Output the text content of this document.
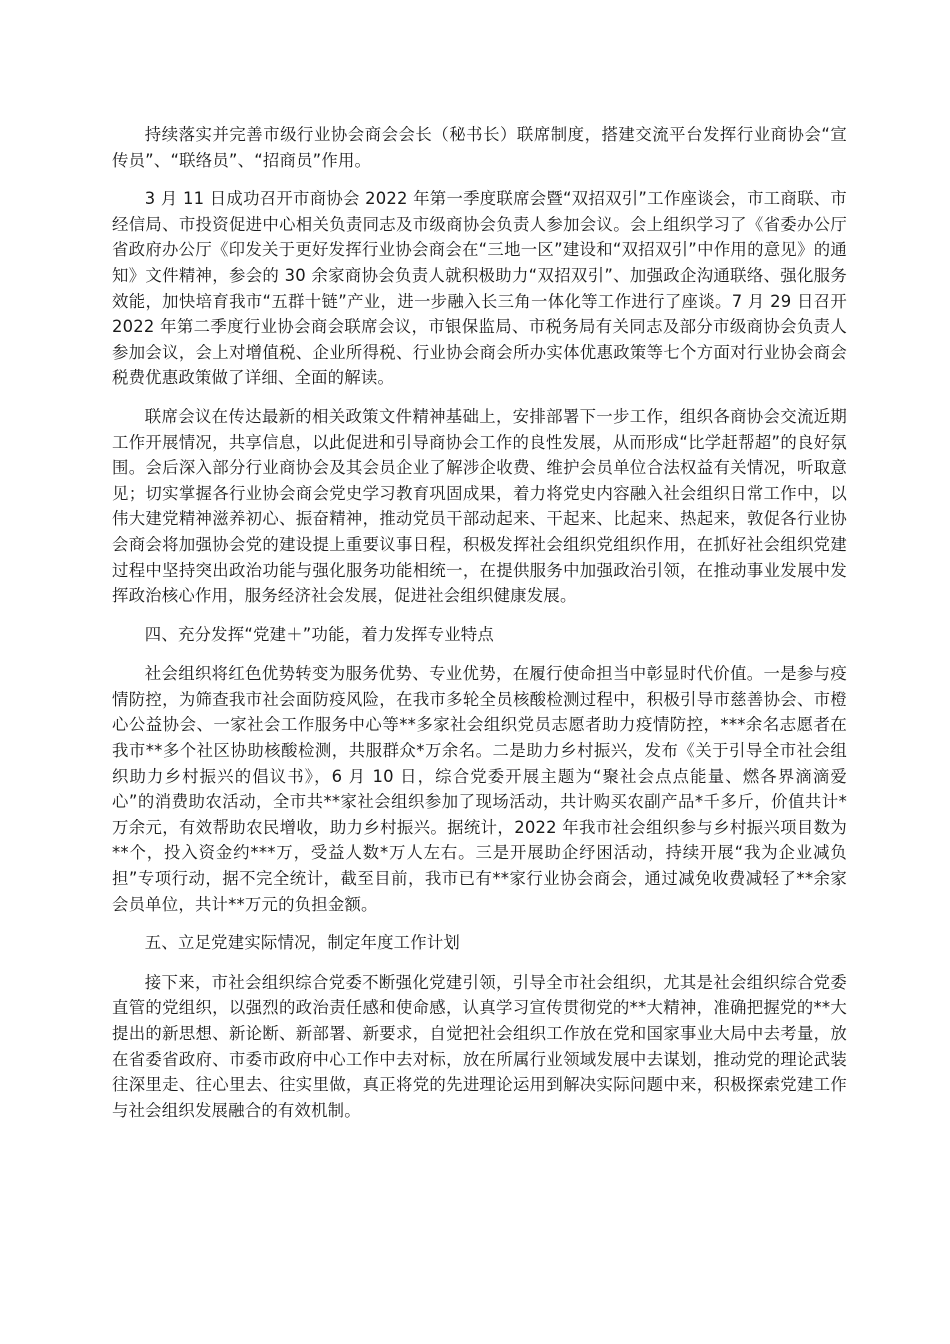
持续落实并完善市级行业协会商会会长（秘书长）联席制度，搭建交流平台发挥行业商协会“宣传员”、“联络员”、“招商员”作用。

3 月 11 日成功召开市商协会 2022 年第一季度联席会暨“双招双引”工作座谈会，市工商联、市经信局、市投资促进中心相关负责同志及市级商协会负责人参加会议。会上组织学习了《省委办公厅省政府办公厅《印发关于更好发挥行业协会商会在“三地一区”建设和“双招双引”中作用的意见》的通知》文件精神，参会的 30 余家商协会负责人就积极助力“双招双引”、加强政企沟通联络、强化服务效能，加快培育我市“五群十链”产业，进一步融入长三角一体化等工作进行了座谈。7 月 29 日召开 2022 年第二季度行业协会商会联席会议，市银保监局、市税务局有关同志及部分市级商协会负责人参加会议，会上对增值税、企业所得税、行业协会商会所办实体优惠政策等七个方面对行业协会商会税费优惠政策做了详细、全面的解读。

联席会议在传达最新的相关政策文件精神基础上，安排部署下一步工作，组织各商协会交流近期工作开展情况，共享信息，以此促进和引导商协会工作的良性发展，从而形成“比学赶帮超”的良好氛围。会后深入部分行业商协会及其会员企业了解涉企收费、维护会员单位合法权益有关情况，听取意见；切实掌握各行业协会商会党史学习教育巩固成果，着力将党史内容融入社会组织日常工作中，以伟大建党精神滋养初心、振奋精神，推动党员干部动起来、干起来、比起来、热起来，敦促各行业协会商会将加强协会党的建设提上重要议事日程，积极发挥社会组织党组织作用，在抓好社会组织党建过程中坚持突出政治功能与强化服务功能相统一，在提供服务中加强政治引领，在推动事业发展中发挥政治核心作用，服务经济社会发展，促进社会组织健康发展。

四、充分发挥“党建＋”功能，着力发挥专业特点

社会组织将红色优势转变为服务优势、专业优势，在履行使命担当中彰显时代价值。一是参与疫情防控，为筛查我市社会面防疫风险，在我市多轮全员核酸检测过程中，积极引导市慈善协会、市橙心公益协会、一家社会工作服务中心等**多家社会组织党员志愿者助力疫情防控，***余名志愿者在我市**多个社区协助核酸检测，共服群众*万余名。二是助力乡村振兴，发布《关于引导全市社会组织助力乡村振兴的倡议书》，6 月 10 日，综合党委开展主题为“聚社会点点能量、燃各界滴滴爱心”的消费助农活动，全市共**家社会组织参加了现场活动，共计购买农副产品*千多斤，价值共计*万余元，有效帮助农民增收，助力乡村振兴。据统计，2022 年我市社会组织参与乡村振兴项目数为**个，投入资金约***万，受益人数*万人左右。三是开展助企纾困活动，持续开展“我为企业减负担”专项行动，据不完全统计，截至目前，我市已有**家行业协会商会，通过减免收费减轻了**余家会员单位，共计**万元的负担金额。

五、立足党建实际情况，制定年度工作计划

接下来，市社会组织综合党委不断强化党建引领，引导全市社会组织，尤其是社会组织综合党委直管的党组织，以强烈的政治责任感和使命感，认真学习宣传贯彻党的**大精神，准确把握党的**大提出的新思想、新论断、新部署、新要求，自觉把社会组织工作放在党和国家事业大局中去考量，放在省委省政府、市委市政府中心工作中去对标，放在所属行业领域发展中去谋划，推动党的理论武装往深里走、往心里去、往实里做，真正将党的先进理论运用到解决实际问题中来，积极探索党建工作与社会组织发展融合的有效机制。
